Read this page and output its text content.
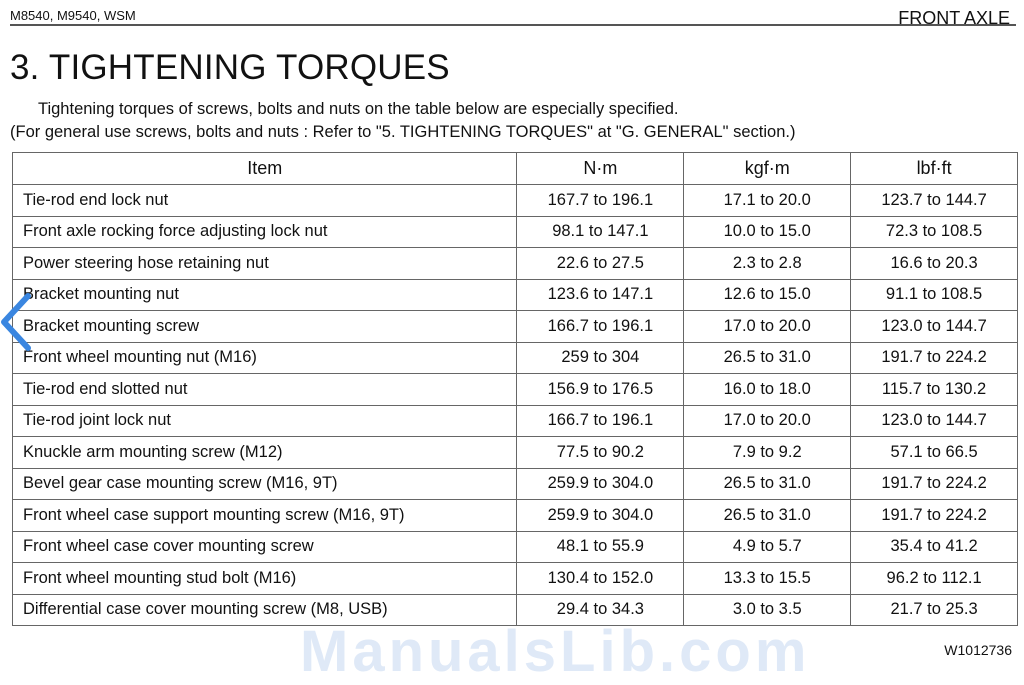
M8540, M9540, WSM	FRONT AXLE
3. TIGHTENING TORQUES
Tightening torques of screws, bolts and nuts on the table below are especially specified.
(For general use screws, bolts and nuts : Refer to "5. TIGHTENING TORQUES" at "G. GENERAL" section.)
Item	N·m	kgf·m	lbf·ft
Tie-rod end lock nut	167.7 to 196.1	17.1 to 20.0	123.7 to 144.7
Front axle rocking force adjusting lock nut	98.1 to 147.1	10.0 to 15.0	72.3 to 108.5
Power steering hose retaining nut	22.6 to 27.5	2.3 to 2.8	16.6 to 20.3
Bracket mounting nut	123.6 to 147.1	12.6 to 15.0	91.1 to 108.5
Bracket mounting screw	166.7 to 196.1	17.0 to 20.0	123.0 to 144.7
Front wheel mounting nut (M16)	259 to 304	26.5 to 31.0	191.7 to 224.2
Tie-rod end slotted nut	156.9 to 176.5	16.0 to 18.0	115.7 to 130.2
Tie-rod joint lock nut	166.7 to 196.1	17.0 to 20.0	123.0 to 144.7
Knuckle arm mounting screw (M12)	77.5 to 90.2	7.9 to 9.2	57.1 to 66.5
Bevel gear case mounting screw (M16, 9T)	259.9 to 304.0	26.5 to 31.0	191.7 to 224.2
Front wheel case support mounting screw (M16, 9T)	259.9 to 304.0	26.5 to 31.0	191.7 to 224.2
Front wheel case cover mounting screw	48.1 to 55.9	4.9 to 5.7	35.4 to 41.2
Front wheel mounting stud bolt (M16)	130.4 to 152.0	13.3 to 15.5	96.2 to 112.1
Differential case cover mounting screw (M8, USB)	29.4 to 34.3	3.0 to 3.5	21.7 to 25.3
ManualsLib.com	W1012736
